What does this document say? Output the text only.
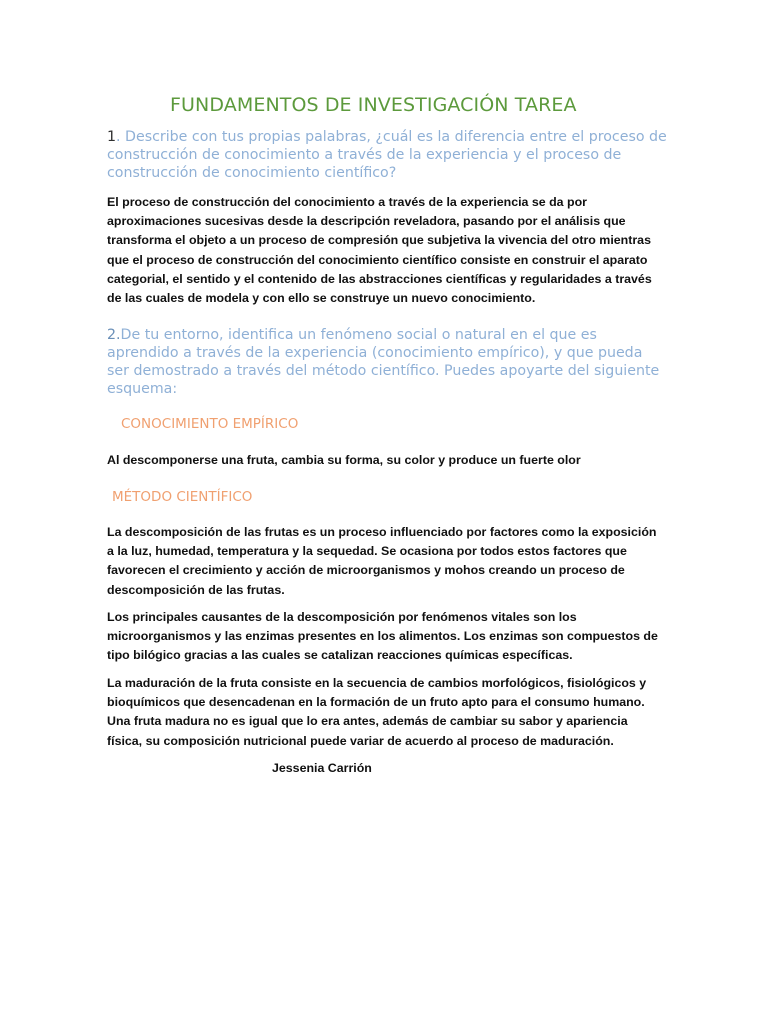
FUNDAMENTOS DE INVESTIGACIÓN TAREA
1. Describe con tus propias palabras, ¿cuál es la diferencia entre el proceso de construcción de conocimiento a través de la experiencia y el proceso de construcción de conocimiento científico?

El proceso de construcción del conocimiento a través de la experiencia se da por aproximaciones sucesivas desde la descripción reveladora, pasando por el análisis que transforma el objeto a un proceso de compresión que subjetiva la vivencia del otro mientras que el proceso de construcción del conocimiento científico consiste en construir el aparato categorial, el sentido y el contenido de las abstracciones científicas y regularidades a través de las cuales de modela y con ello se construye un nuevo conocimiento.

2.De tu entorno, identifica un fenómeno social o natural en el que es aprendido a través de la experiencia (conocimiento empírico), y que pueda ser demostrado a través del método científico. Puedes apoyarte del siguiente esquema:
CONOCIMIENTO EMPÍRICO

Al descomponerse una fruta, cambia su forma, su color y produce un fuerte olor

MÉTODO CIENTÍFICO

La descomposición de las frutas es un proceso influenciado por factores como la exposición a la luz, humedad, temperatura y la sequedad. Se ocasiona por todos estos factores que favorecen el crecimiento y acción de microorganismos y mohos creando un proceso de descomposición de las frutas.

Los principales causantes de la descomposición por fenómenos vitales son los microorganismos y las enzimas presentes en los alimentos. Los enzimas son compuestos de tipo bilógico gracias a las cuales se catalizan reacciones químicas específicas.

La maduración de la fruta consiste en la secuencia de cambios morfológicos, fisiológicos y bioquímicos que desencadenan en la formación de un fruto apto para el consumo humano. Una fruta madura no es igual que lo era antes, además de cambiar su sabor y apariencia física, su composición nutricional puede variar de acuerdo al proceso de maduración.

Jessenia Carrión
